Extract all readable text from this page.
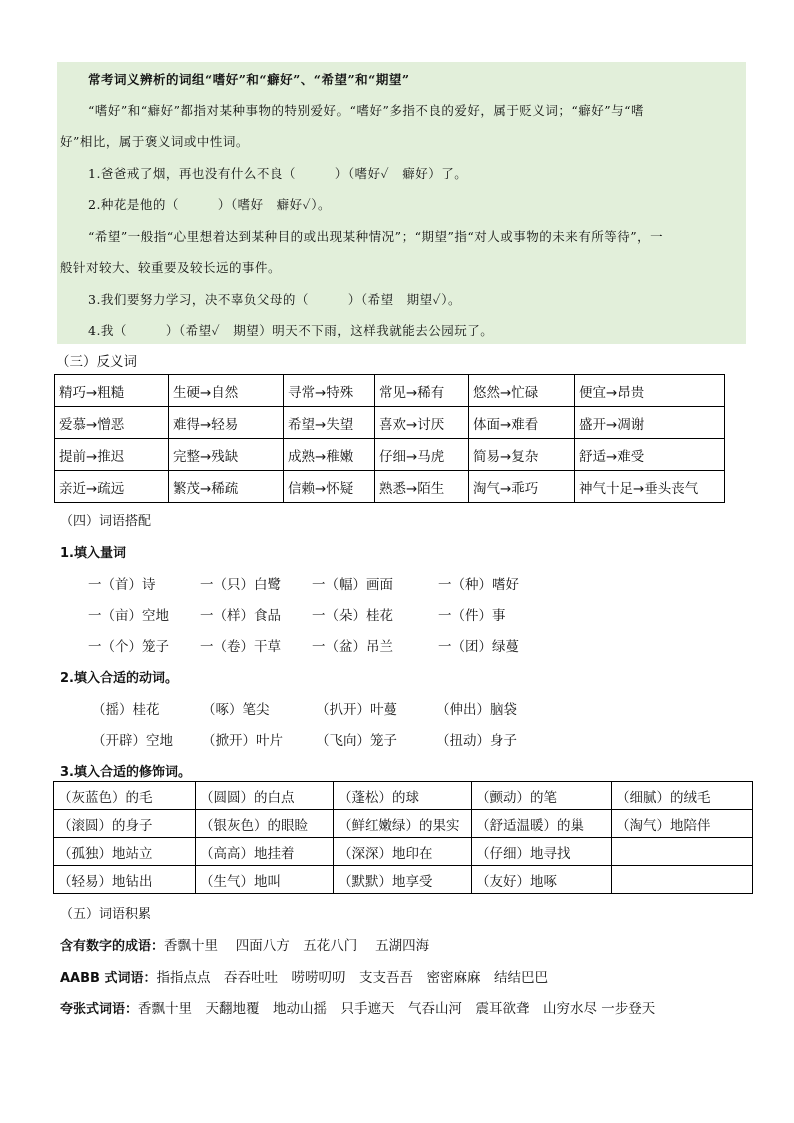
常考词义辨析的词组“嗜好”和“癖好”、“希望”和“期望”
“嗜好”和“癖好”都指对某种事物的特别爱好。“嗜好”多指不良的爱好，属于贬义词；“癖好”与“嗜
好”相比，属于褒义词或中性词。
1.爸爸戒了烟，再也没有什么不良（　　　）（嗜好✓　癖好）了。
2.种花是他的（　　　）（嗜好　癖好✓）。
“希望”一般指“心里想着达到某种目的或出现某种情况”；“期望”指“对人或事物的未来有所等待”，一
般针对较大、较重要及较长远的事件。
3.我们要努力学习，决不辜负父母的（　　　）（希望　期望✓）。
4.我（　　　）（希望✓　期望）明天不下雨，这样我就能去公园玩了。
（三）反义词
精巧→粗糙	生硬→自然	寻常→特殊	常见→稀有	悠然→忙碌	便宜→昂贵
爱慕→憎恶	难得→轻易	希望→失望	喜欢→讨厌	体面→难看	盛开→凋谢
提前→推迟	完整→残缺	成熟→稚嫩	仔细→马虎	简易→复杂	舒适→难受
亲近→疏远	繁茂→稀疏	信赖→怀疑	熟悉→陌生	淘气→乖巧	神气十足→垂头丧气
（四）词语搭配
1.填入量词
一（首）诗	一（只）白鹭	一（幅）画面	一（种）嗜好
一（亩）空地	一（样）食品	一（朵）桂花	一（件）事
一（个）笼子	一（卷）干草	一（盆）吊兰	一（团）绿蔓
2.填入合适的动词。
（摇）桂花	（啄）笔尖	（扒开）叶蔓	（伸出）脑袋
（开辟）空地	（掀开）叶片	（飞向）笼子	（扭动）身子
3.填入合适的修饰词。
（灰蓝色）的毛	（圆圆）的白点	（蓬松）的球	（颤动）的笔	（细腻）的绒毛
（滚圆）的身子	（银灰色）的眼睑	（鲜红嫩绿）的果实	（舒适温暖）的巢	（淘气）地陪伴
（孤独）地站立	（高高）地挂着	（深深）地印在	（仔细）地寻找	
（轻易）地钻出	（生气）地叫	（默默）地享受	（友好）地啄	
（五）词语积累
含有数字的成语：香飘十里　 四面八方　五花八门　 五湖四海
AABB 式词语：指指点点　吞吞吐吐　唠唠叨叨　支支吾吾　密密麻麻　结结巴巴
夸张式词语：香飘十里　天翻地覆　地动山摇　只手遮天　气吞山河　震耳欲聋　山穷水尽 一步登天
